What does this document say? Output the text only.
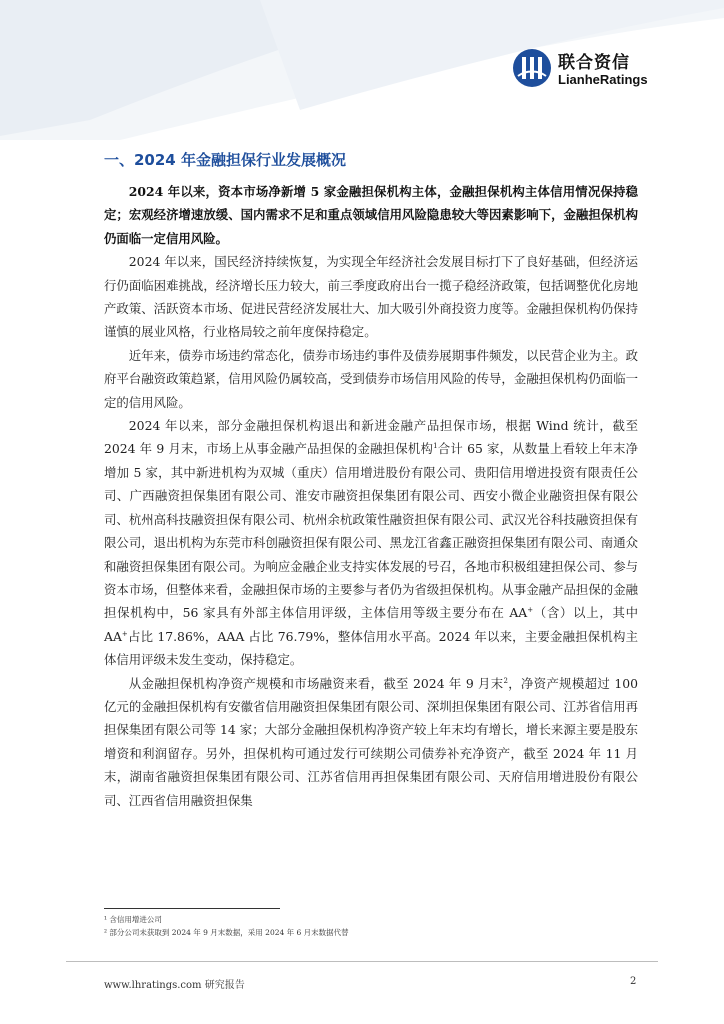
联合资信
LianheRatings
一、2024 年金融担保行业发展概况

2024 年以来，资本市场净新增 5 家金融担保机构主体，金融担保机构主体信用情况保持稳定；宏观经济增速放缓、国内需求不足和重点领域信用风险隐患较大等因素影响下，金融担保机构仍面临一定信用风险。

2024 年以来，国民经济持续恢复，为实现全年经济社会发展目标打下了良好基础，但经济运行仍面临困难挑战，经济增长压力较大，前三季度政府出台一揽子稳经济政策，包括调整优化房地产政策、活跃资本市场、促进民营经济发展壮大、加大吸引外商投资力度等。金融担保机构仍保持谨慎的展业风格，行业格局较之前年度保持稳定。

近年来，债券市场违约常态化，债券市场违约事件及债券展期事件频发，以民营企业为主。政府平台融资政策趋紧，信用风险仍属较高，受到债券市场信用风险的传导，金融担保机构仍面临一定的信用风险。

2024 年以来，部分金融担保机构退出和新进金融产品担保市场，根据 Wind 统计，截至 2024 年 9 月末，市场上从事金融产品担保的金融担保机构$^1$合计 65 家，从数量上看较上年末净增加 5 家，其中新进机构为双城（重庆）信用增进股份有限公司、贵阳信用增进投资有限责任公司、广西融资担保集团有限公司、淮安市融资担保集团有限公司、西安小微企业融资担保有限公司、杭州高科技融资担保有限公司、杭州余杭政策性融资担保有限公司、武汉光谷科技融资担保有限公司，退出机构为东莞市科创融资担保有限公司、黑龙江省鑫正融资担保集团有限公司、南通众和融资担保集团有限公司。为响应金融企业支持实体发展的号召，各地市积极组建担保公司、参与资本市场，但整体来看，金融担保市场的主要参与者仍为省级担保机构。从事金融产品担保的金融担保机构中，56 家具有外部主体信用评级，主体信用等级主要分布在 AA+（含）以上，其中 AA+占比 17.86%，AAA 占比 76.79%，整体信用水平高。2024 年以来，主要金融担保机构主体信用评级未发生变动，保持稳定。

从金融担保机构净资产规模和市场融资来看，截至 2024 年 9 月末$^2$，净资产规模超过 100 亿元的金融担保机构有安徽省信用融资担保集团有限公司、深圳担保集团有限公司、江苏省信用再担保集团有限公司等 14 家；大部分金融担保机构净资产较上年末均有增长，增长来源主要是股东增资和利润留存。另外，担保机构可通过发行可续期公司债券补充净资产，截至 2024 年 11 月末，湖南省融资担保集团有限公司、江苏省信用再担保集团有限公司、天府信用增进股份有限公司、江西省信用融资担保集

¹ 含信用增进公司
² 部分公司未获取到 2024 年 9 月末数据，采用 2024 年 6 月末数据代替
www.lhratings.com 研究报告	2
